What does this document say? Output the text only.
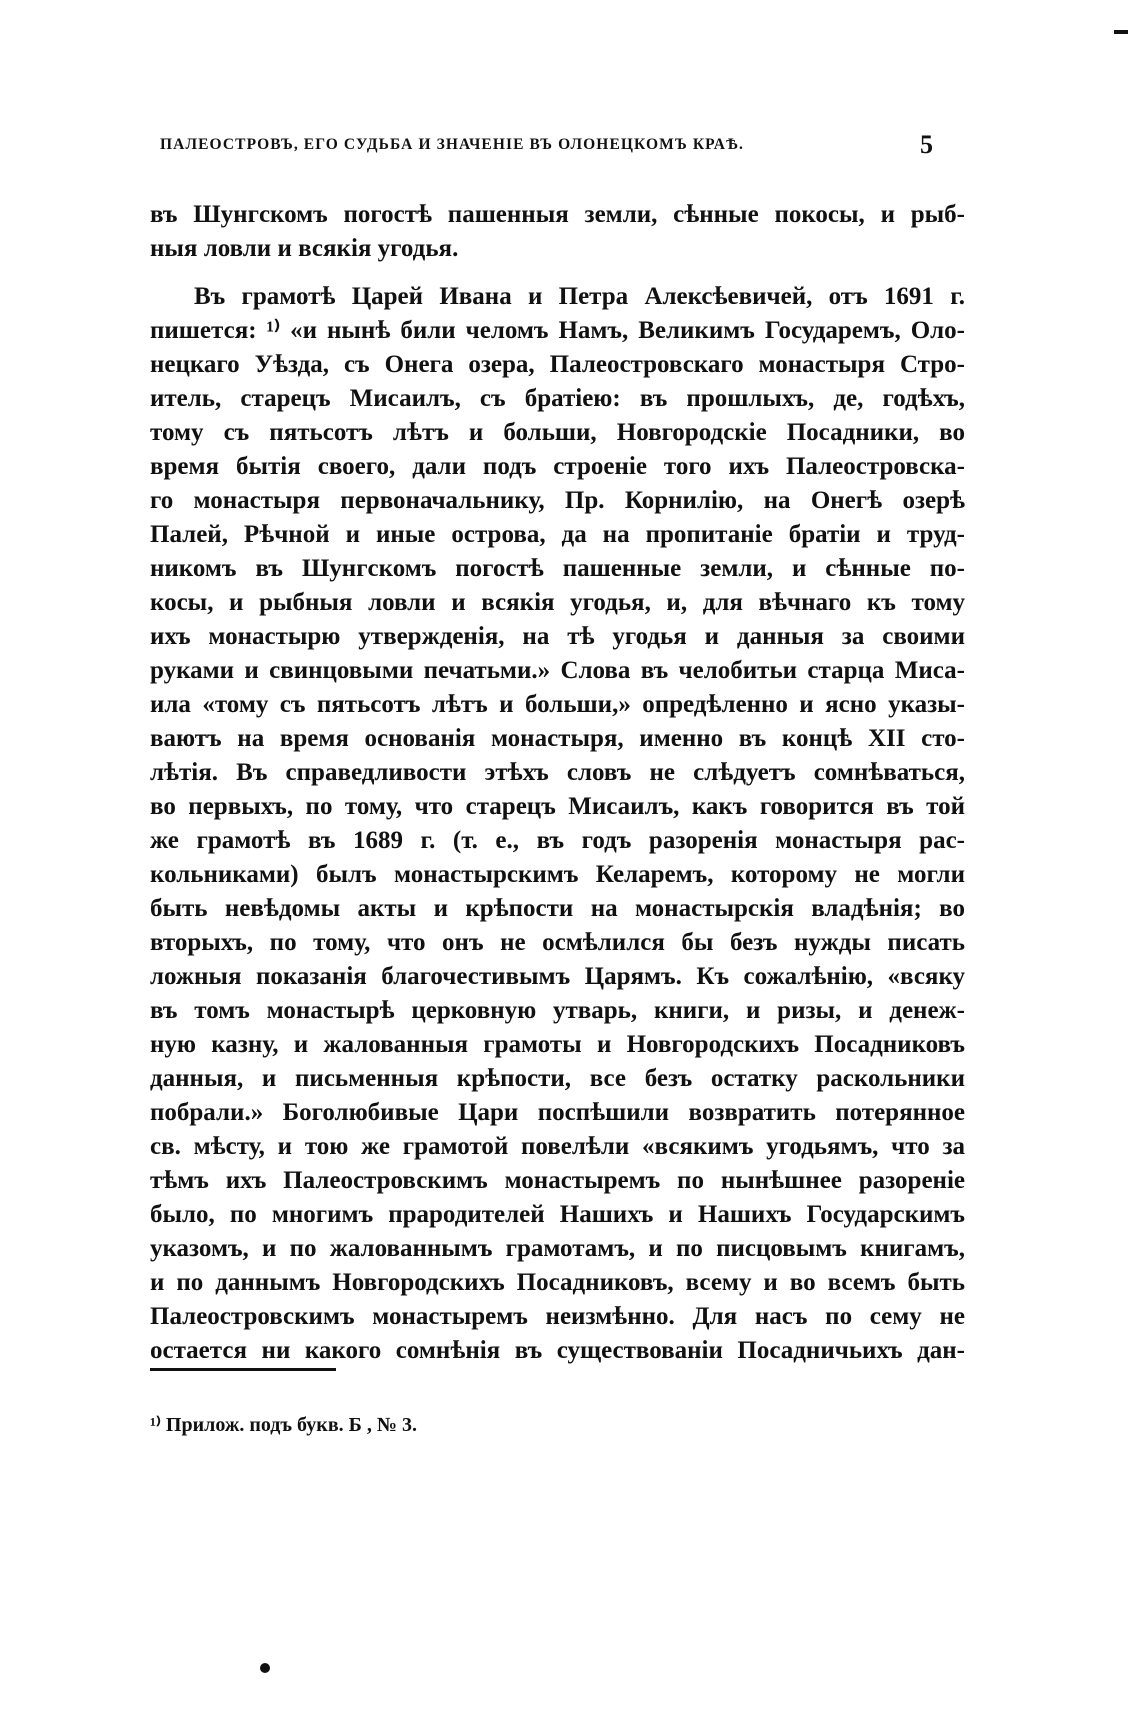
ПАЛЕОСТРОВЪ, ЕГО СУДЬБА И ЗНАЧЕНІЕ ВЪ ОЛОНЕЦКОМЪ КРАѢ.	5
въ Шунгскомъ погостѣ пашенныя земли, сѣнные покосы, и рыб-
ныя ловли и всякія угодья.
Въ грамотѣ Царей Ивана и Петра Алексѣевичей, отъ 1691 г.
пишется: ¹⁾ «и нынѣ били челомъ Намъ, Великимъ Государемъ, Оло-
нецкаго Уѣзда, съ Онега озера, Палеостровскаго монастыря Стро-
итель, старецъ Мисаилъ, съ братіею: въ прошлыхъ, де, годѣхъ,
тому съ пятьсотъ лѣтъ и больши, Новгородскіе Посадники, во
время бытія своего, дали подъ строеніе того ихъ Палеостровска-
го монастыря первоначальнику, Пр. Корнилію, на Онегѣ озерѣ
Палей, Рѣчной и иные острова, да на пропитаніе братіи и труд-
никомъ въ Шунгскомъ погостѣ пашенные земли, и сѣнные по-
косы, и рыбныя ловли и всякія угодья, и, для вѣчнаго къ тому
ихъ монастырю утвержденія, на тѣ угодья и данныя за своими
руками и свинцовыми печатьми.» Слова въ челобитьи старца Миса-
ила «тому съ пятьсотъ лѣтъ и больши,» опредѣленно и ясно указы-
ваютъ на время основанія монастыря, именно въ концѣ XII сто-
лѣтія. Въ справедливости этѣхъ словъ не слѣдуетъ сомнѣваться,
во первыхъ, по тому, что старецъ Мисаилъ, какъ говорится въ той
же грамотѣ въ 1689 г. (т. е., въ годъ разоренія монастыря рас-
кольниками) былъ монастырскимъ Келаремъ, которому не могли
быть невѣдомы акты и крѣпости на монастырскія владѣнія; во
вторыхъ, по тому, что онъ не осмѣлился бы безъ нужды писать
ложныя показанія благочестивымъ Царямъ. Къ сожалѣнію, «всяку
въ томъ монастырѣ церковную утварь, книги, и ризы, и денеж-
ную казну, и жалованныя грамоты и Новгородскихъ Посадниковъ
данныя, и письменныя крѣпости, все безъ остатку раскольники
побрали.» Боголюбивые Цари поспѣшили возвратить потерянное
св. мѣсту, и тою же грамотой повелѣли «всякимъ угодьямъ, что за
тѣмъ ихъ Палеостровскимъ монастыремъ по нынѣшнее разореніе
было, по многимъ прародителей Нашихъ и Нашихъ Государскимъ
указомъ, и по жалованнымъ грамотамъ, и по писцовымъ книгамъ,
и по даннымъ Новгородскихъ Посадниковъ, всему и во всемъ быть
Палеостровскимъ монастыремъ неизмѣнно. Для насъ по сему не
остается ни какого сомнѣнія въ существованіи Посадничьихъ дан-
¹⁾ Прилож. подъ букв. Б , № 3.
